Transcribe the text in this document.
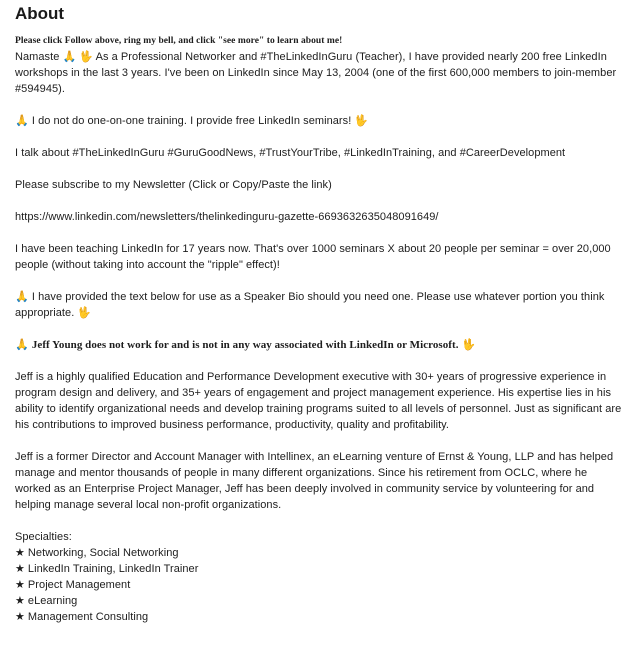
About
Please click Follow above, ring my bell, and click "see more" to learn about me!
Namaste 🙏 🖖 As a Professional Networker and #TheLinkedInGuru (Teacher), I have provided nearly 200 free LinkedIn workshops in the last 3 years. I've been on LinkedIn since May 13, 2004 (one of the first 600,000 members to join-member #594945).
🙏 I do not do one-on-one training. I provide free LinkedIn seminars! 🖖
I talk about #TheLinkedInGuru #GuruGoodNews, #TrustYourTribe, #LinkedInTraining, and #CareerDevelopment
Please subscribe to my Newsletter (Click or Copy/Paste the link)
https://www.linkedin.com/newsletters/thelinkedinguru-gazette-6693632635048091649/
I have been teaching LinkedIn for 17 years now. That's over 1000 seminars X about 20 people per seminar = over 20,000 people (without taking into account the "ripple" effect)!
🙏 I have provided the text below for use as a Speaker Bio should you need one. Please use whatever portion you think appropriate. 🖖
🙏 Jeff Young does not work for and is not in any way associated with LinkedIn or Microsoft. 🖖
Jeff is a highly qualified Education and Performance Development executive with 30+ years of progressive experience in program design and delivery, and 35+ years of engagement and project management experience. His expertise lies in his ability to identify organizational needs and develop training programs suited to all levels of personnel. Just as significant are his contributions to improved business performance, productivity, quality and profitability.
Jeff is a former Director and Account Manager with Intellinex, an eLearning venture of Ernst & Young, LLP and has helped manage and mentor thousands of people in many different organizations. Since his retirement from OCLC, where he worked as an Enterprise Project Manager, Jeff has been deeply involved in community service by volunteering for and helping manage several local non-profit organizations.
Specialties:
★ Networking, Social Networking
★ LinkedIn Training, LinkedIn Trainer
★ Project Management
★ eLearning
★ Management Consulting
